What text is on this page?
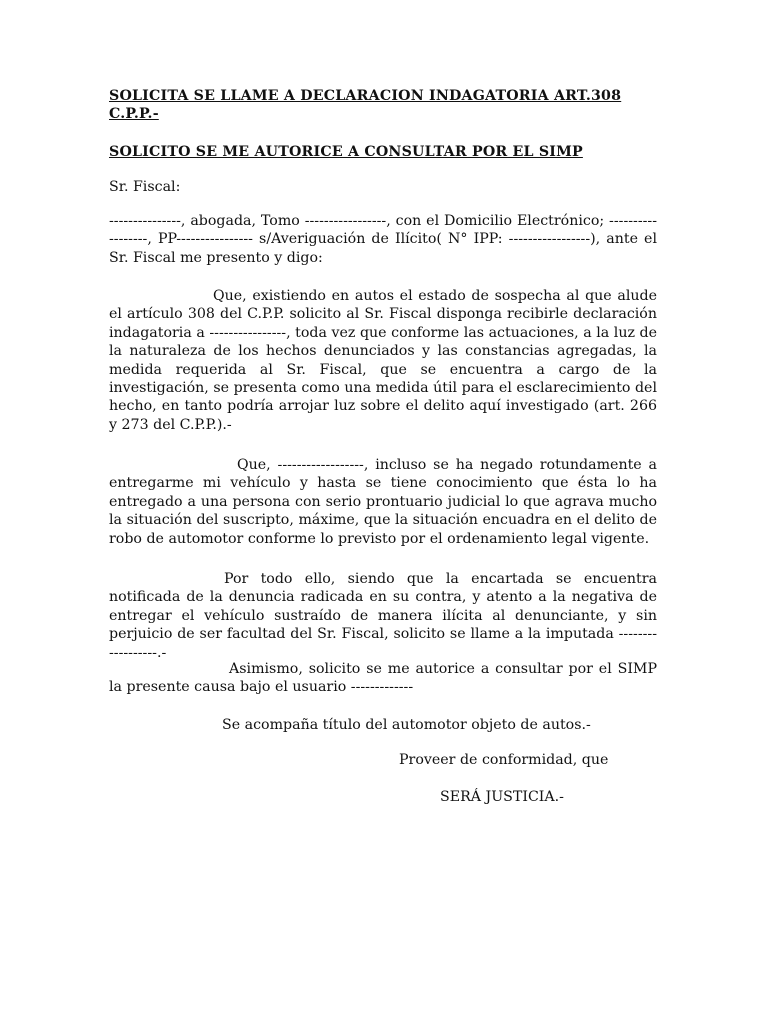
SOLICITA SE LLAME A DECLARACION INDAGATORIA ART.308 C.P.P.-
SOLICITO SE ME AUTORICE A CONSULTAR POR EL SIMP
Sr. Fiscal:
---------------, abogada, Tomo -----------------, con el Domicilio Electrónico; ------------------, PP---------------- s/Averiguación de Ilícito( N° IPP: -----------------), ante el Sr. Fiscal me presento y digo:
Que, existiendo en autos el estado de sospecha al que alude el artículo 308 del C.P.P. solicito al Sr. Fiscal disponga recibirle declaración indagatoria a ----------------, toda vez que conforme las actuaciones, a la luz de la naturaleza de los hechos denunciados y las constancias agregadas, la medida requerida al Sr. Fiscal, que se encuentra a cargo de la investigación, se presenta como una medida útil para el esclarecimiento del hecho, en tanto podría arrojar luz sobre el delito aquí investigado (art. 266 y 273 del C.P.P.).-
Que, ------------------, incluso se ha negado rotundamente a entregarme mi vehículo y hasta se tiene conocimiento que ésta lo ha entregado a una persona con serio prontuario judicial lo que agrava mucho la situación del suscripto, máxime, que la situación encuadra en el delito de robo de automotor conforme lo previsto por el ordenamiento legal vigente.
Por todo ello, siendo que la encartada se encuentra notificada de la denuncia radicada en su contra, y atento a la negativa de entregar el vehículo sustraído de manera ilícita al denunciante, y sin perjuicio de ser facultad del Sr. Fiscal, solicito se llame a la imputada ------------------.-
Asimismo, solicito se me autorice a consultar por el SIMP la presente causa bajo el usuario -------------
Se acompaña título del automotor objeto de autos.-
Proveer de conformidad, que
SERÁ JUSTICIA.-
